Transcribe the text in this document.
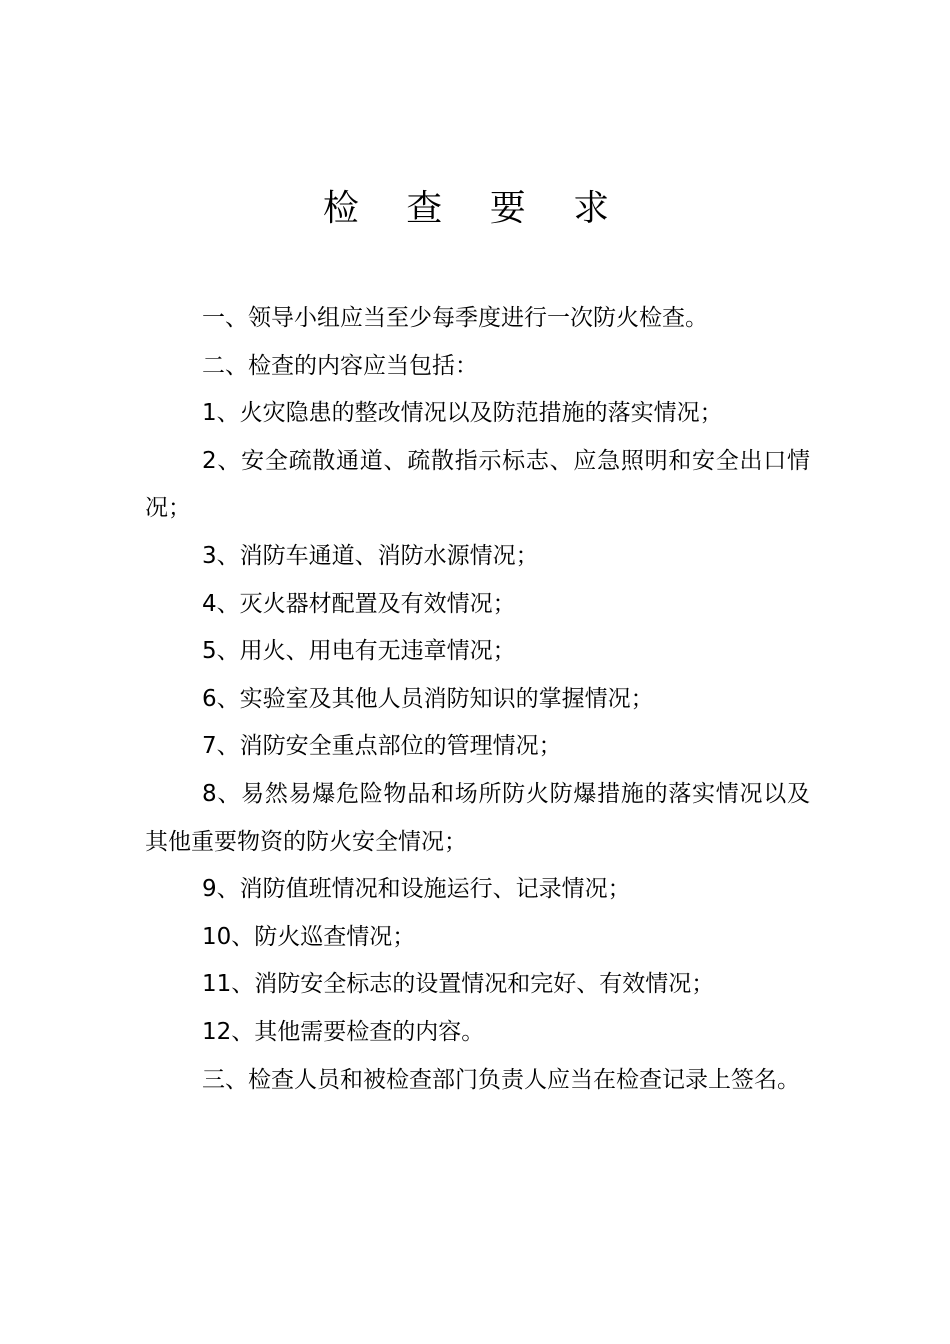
检 查 要 求

一、领导小组应当至少每季度进行一次防火检查。

二、检查的内容应当包括：

1、火灾隐患的整改情况以及防范措施的落实情况；

2、安全疏散通道、疏散指示标志、应急照明和安全出口情况；

3、消防车通道、消防水源情况；

4、灭火器材配置及有效情况；

5、用火、用电有无违章情况；

6、实验室及其他人员消防知识的掌握情况；

7、消防安全重点部位的管理情况；

8、易然易爆危险物品和场所防火防爆措施的落实情况以及其他重要物资的防火安全情况；

9、消防值班情况和设施运行、记录情况；

10、防火巡查情况；

11、消防安全标志的设置情况和完好、有效情况；

12、其他需要检查的内容。

三、检查人员和被检查部门负责人应当在检查记录上签名。
